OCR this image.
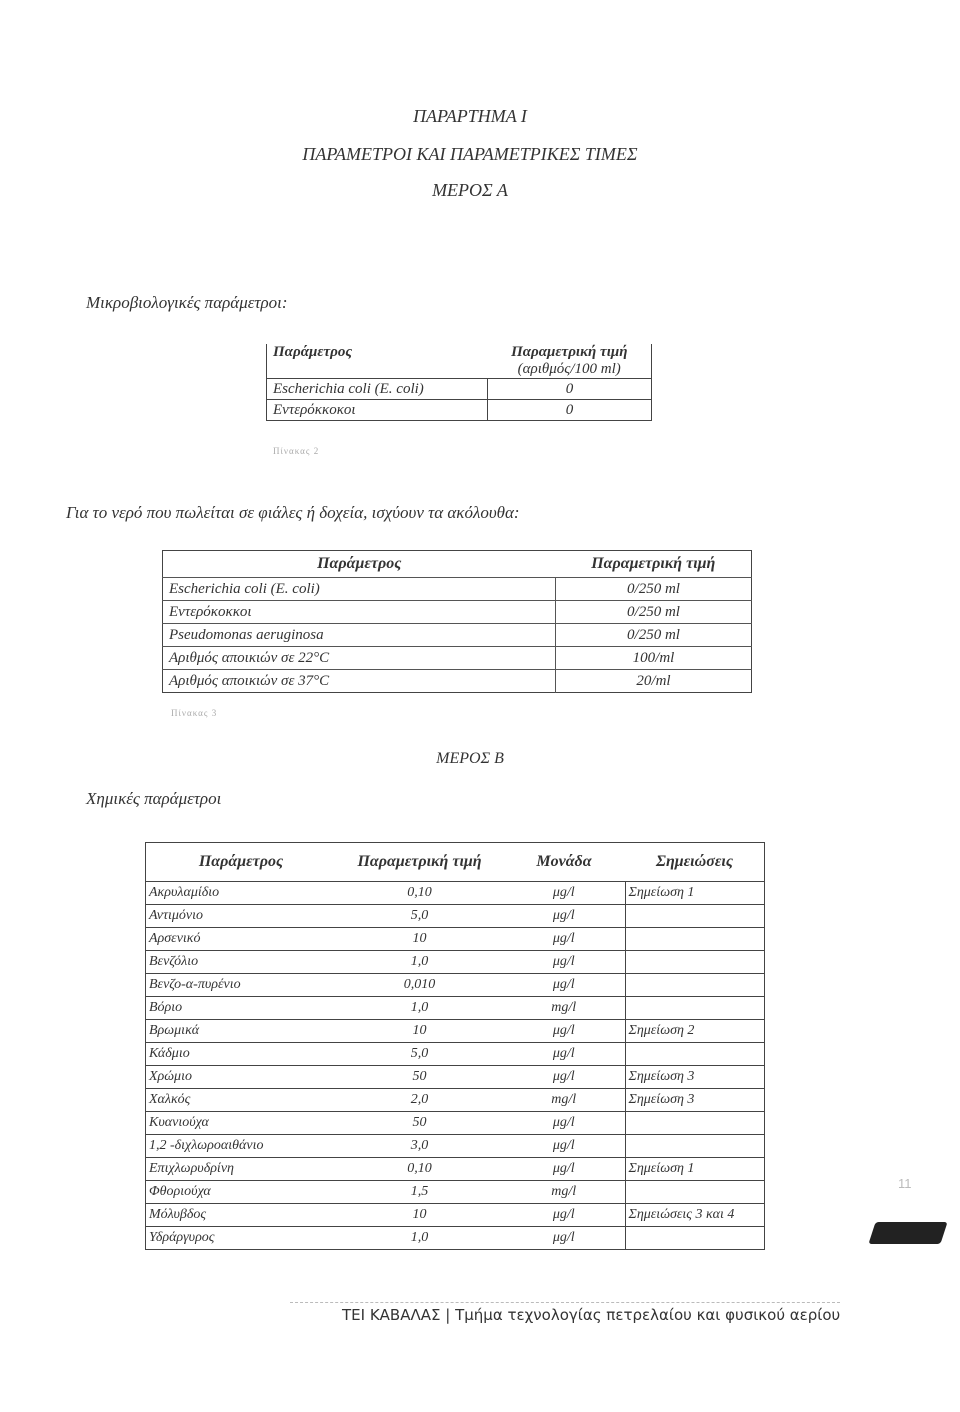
ΠΑΡΑΡΤΗΜΑ Ι
ΠΑΡΑΜΕΤΡΟΙ ΚΑΙ ΠΑΡΑΜΕΤΡΙΚΕΣ ΤΙΜΕΣ
ΜΕΡΟΣ Α
Μικροβιολογικές παράμετροι:
Παράμετρος	Παραμετρική τιμή
(αριθμός/100 ml)

Escherichia coli (E. coli)	0
Εντερόκκοκοι	0
Πίνακας 2
Για το νερό που πωλείται σε φιάλες ή δοχεία, ισχύουν τα ακόλουθα:
Παράμετρος	Παραμετρική τιμή
Escherichia coli (E. coli)	0/250 ml
Εντερόκοκκοι	0/250 ml
Pseudomonas aeruginosa	0/250 ml
Αριθμός αποικιών σε 22°C	100/ml
Αριθμός αποικιών σε 37°C	20/ml
Πίνακας 3
ΜΕΡΟΣ Β
Χημικές παράμετροι
Παράμετρος	Παραμετρική τιμή	Μονάδα	Σημειώσεις
Ακρυλαμίδιο	0,10	μg/l	Σημείωση 1
Αντιμόνιο	5,0	μg/l	
Αρσενικό	10	μg/l	
Βενζόλιο	1,0	μg/l	
Βενζο-α-πυρένιο	0,010	μg/l	
Βόριο	1,0	mg/l	
Βρωμικά	10	μg/l	Σημείωση 2
Κάδμιο	5,0	μg/l	
Χρώμιο	50	μg/l	Σημείωση 3
Χαλκός	2,0	mg/l	Σημείωση 3
Κυανιούχα	50	μg/l	
1,2 -διχλωροαιθάνιο	3,0	μg/l	
Επιχλωρυδρίνη	0,10	μg/l	Σημείωση 1
Φθοριούχα	1,5	mg/l	
Μόλυβδος	10	μg/l	Σημειώσεις 3 και 4
Υδράργυρος	1,0	μg/l	
11
ΤΕΙ ΚΑΒΑΛΑΣ | Τμήμα τεχνολογίας πετρελαίου και φυσικού αερίου
